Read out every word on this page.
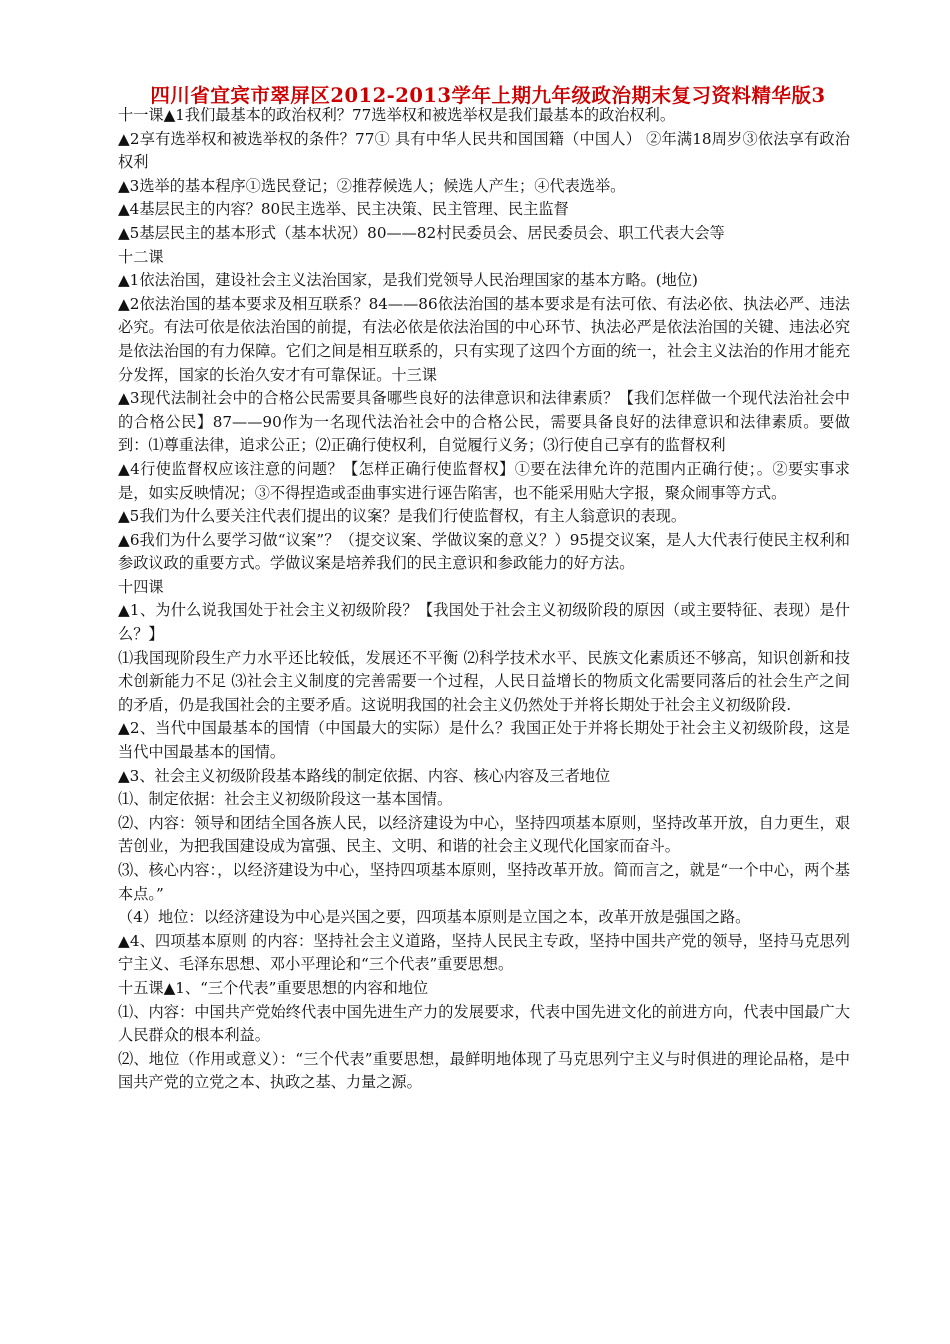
四川省宜宾市翠屏区2012-2013学年上期九年级政治期末复习资料精华版3

十一课▲1我们最基本的政治权利？77选举权和被选举权是我们最基本的政治权利。

▲2享有选举权和被选举权的条件？77① 具有中华人民共和国国籍（中国人） ②年满18周岁③依法享有政治权利

▲3选举的基本程序①选民登记；②推荐候选人；候选人产生；④代表选举。

▲4基层民主的内容？80民主选举、民主决策、民主管理、民主监督

▲5基层民主的基本形式（基本状况）80——82村民委员会、居民委员会、职工代表大会等

十二课

▲1依法治国，建设社会主义法治国家，是我们党领导人民治理国家的基本方略。(地位)

▲2依法治国的基本要求及相互联系？84——86依法治国的基本要求是有法可依、有法必依、执法必严、违法必究。有法可依是依法治国的前提，有法必依是依法治国的中心环节、执法必严是依法治国的关键、违法必究是依法治国的有力保障。它们之间是相互联系的，只有实现了这四个方面的统一，社会主义法治的作用才能充分发挥，国家的长治久安才有可靠保证。十三课

▲3现代法制社会中的合格公民需要具备哪些良好的法律意识和法律素质？【我们怎样做一个现代法治社会中的合格公民】87——90作为一名现代法治社会中的合格公民，需要具备良好的法律意识和法律素质。要做到：⑴尊重法律，追求公正；⑵正确行使权利，自觉履行义务；⑶行使自己享有的监督权利

▲4行使监督权应该注意的问题？【怎样正确行使监督权】①要在法律允许的范围内正确行使；。②要实事求是，如实反映情况；③不得捏造或歪曲事实进行诬告陷害，也不能采用贴大字报，聚众闹事等方式。

▲5我们为什么要关注代表们提出的议案？是我们行使监督权，有主人翁意识的表现。

▲6我们为什么要学习做“议案”？（提交议案、学做议案的意义？）95提交议案，是人大代表行使民主权利和参政议政的重要方式。学做议案是培养我们的民主意识和参政能力的好方法。

十四课

▲1、为什么说我国处于社会主义初级阶段？【我国处于社会主义初级阶段的原因（或主要特征、表现）是什么？】

⑴我国现阶段生产力水平还比较低，发展还不平衡 ⑵科学技术水平、民族文化素质还不够高，知识创新和技术创新能力不足 ⑶社会主义制度的完善需要一个过程，人民日益增长的物质文化需要同落后的社会生产之间的矛盾，仍是我国社会的主要矛盾。这说明我国的社会主义仍然处于并将长期处于社会主义初级阶段.

▲2、当代中国最基本的国情（中国最大的实际）是什么？我国正处于并将长期处于社会主义初级阶段，这是当代中国最基本的国情。

▲3、社会主义初级阶段基本路线的制定依据、内容、核心内容及三者地位

⑴、制定依据：社会主义初级阶段这一基本国情。

⑵、内容：领导和团结全国各族人民，以经济建设为中心，坚持四项基本原则，坚持改革开放，自力更生，艰苦创业，为把我国建设成为富强、民主、文明、和谐的社会主义现代化国家而奋斗。

⑶、核心内容：，以经济建设为中心，坚持四项基本原则，坚持改革开放。简而言之，就是“一个中心，两个基本点。”

（4）地位：以经济建设为中心是兴国之要，四项基本原则是立国之本，改革开放是强国之路。

▲4、四项基本原则 的内容：坚持社会主义道路，坚持人民民主专政，坚持中国共产党的领导，坚持马克思列宁主义、毛泽东思想、邓小平理论和“三个代表”重要思想。

十五课▲1、“三个代表”重要思想的内容和地位

⑴、内容：中国共产党始终代表中国先进生产力的发展要求，代表中国先进文化的前进方向，代表中国最广大人民群众的根本利益。

⑵、地位（作用或意义）：“三个代表”重要思想，最鲜明地体现了马克思列宁主义与时俱进的理论品格，是中国共产党的立党之本、执政之基、力量之源。
